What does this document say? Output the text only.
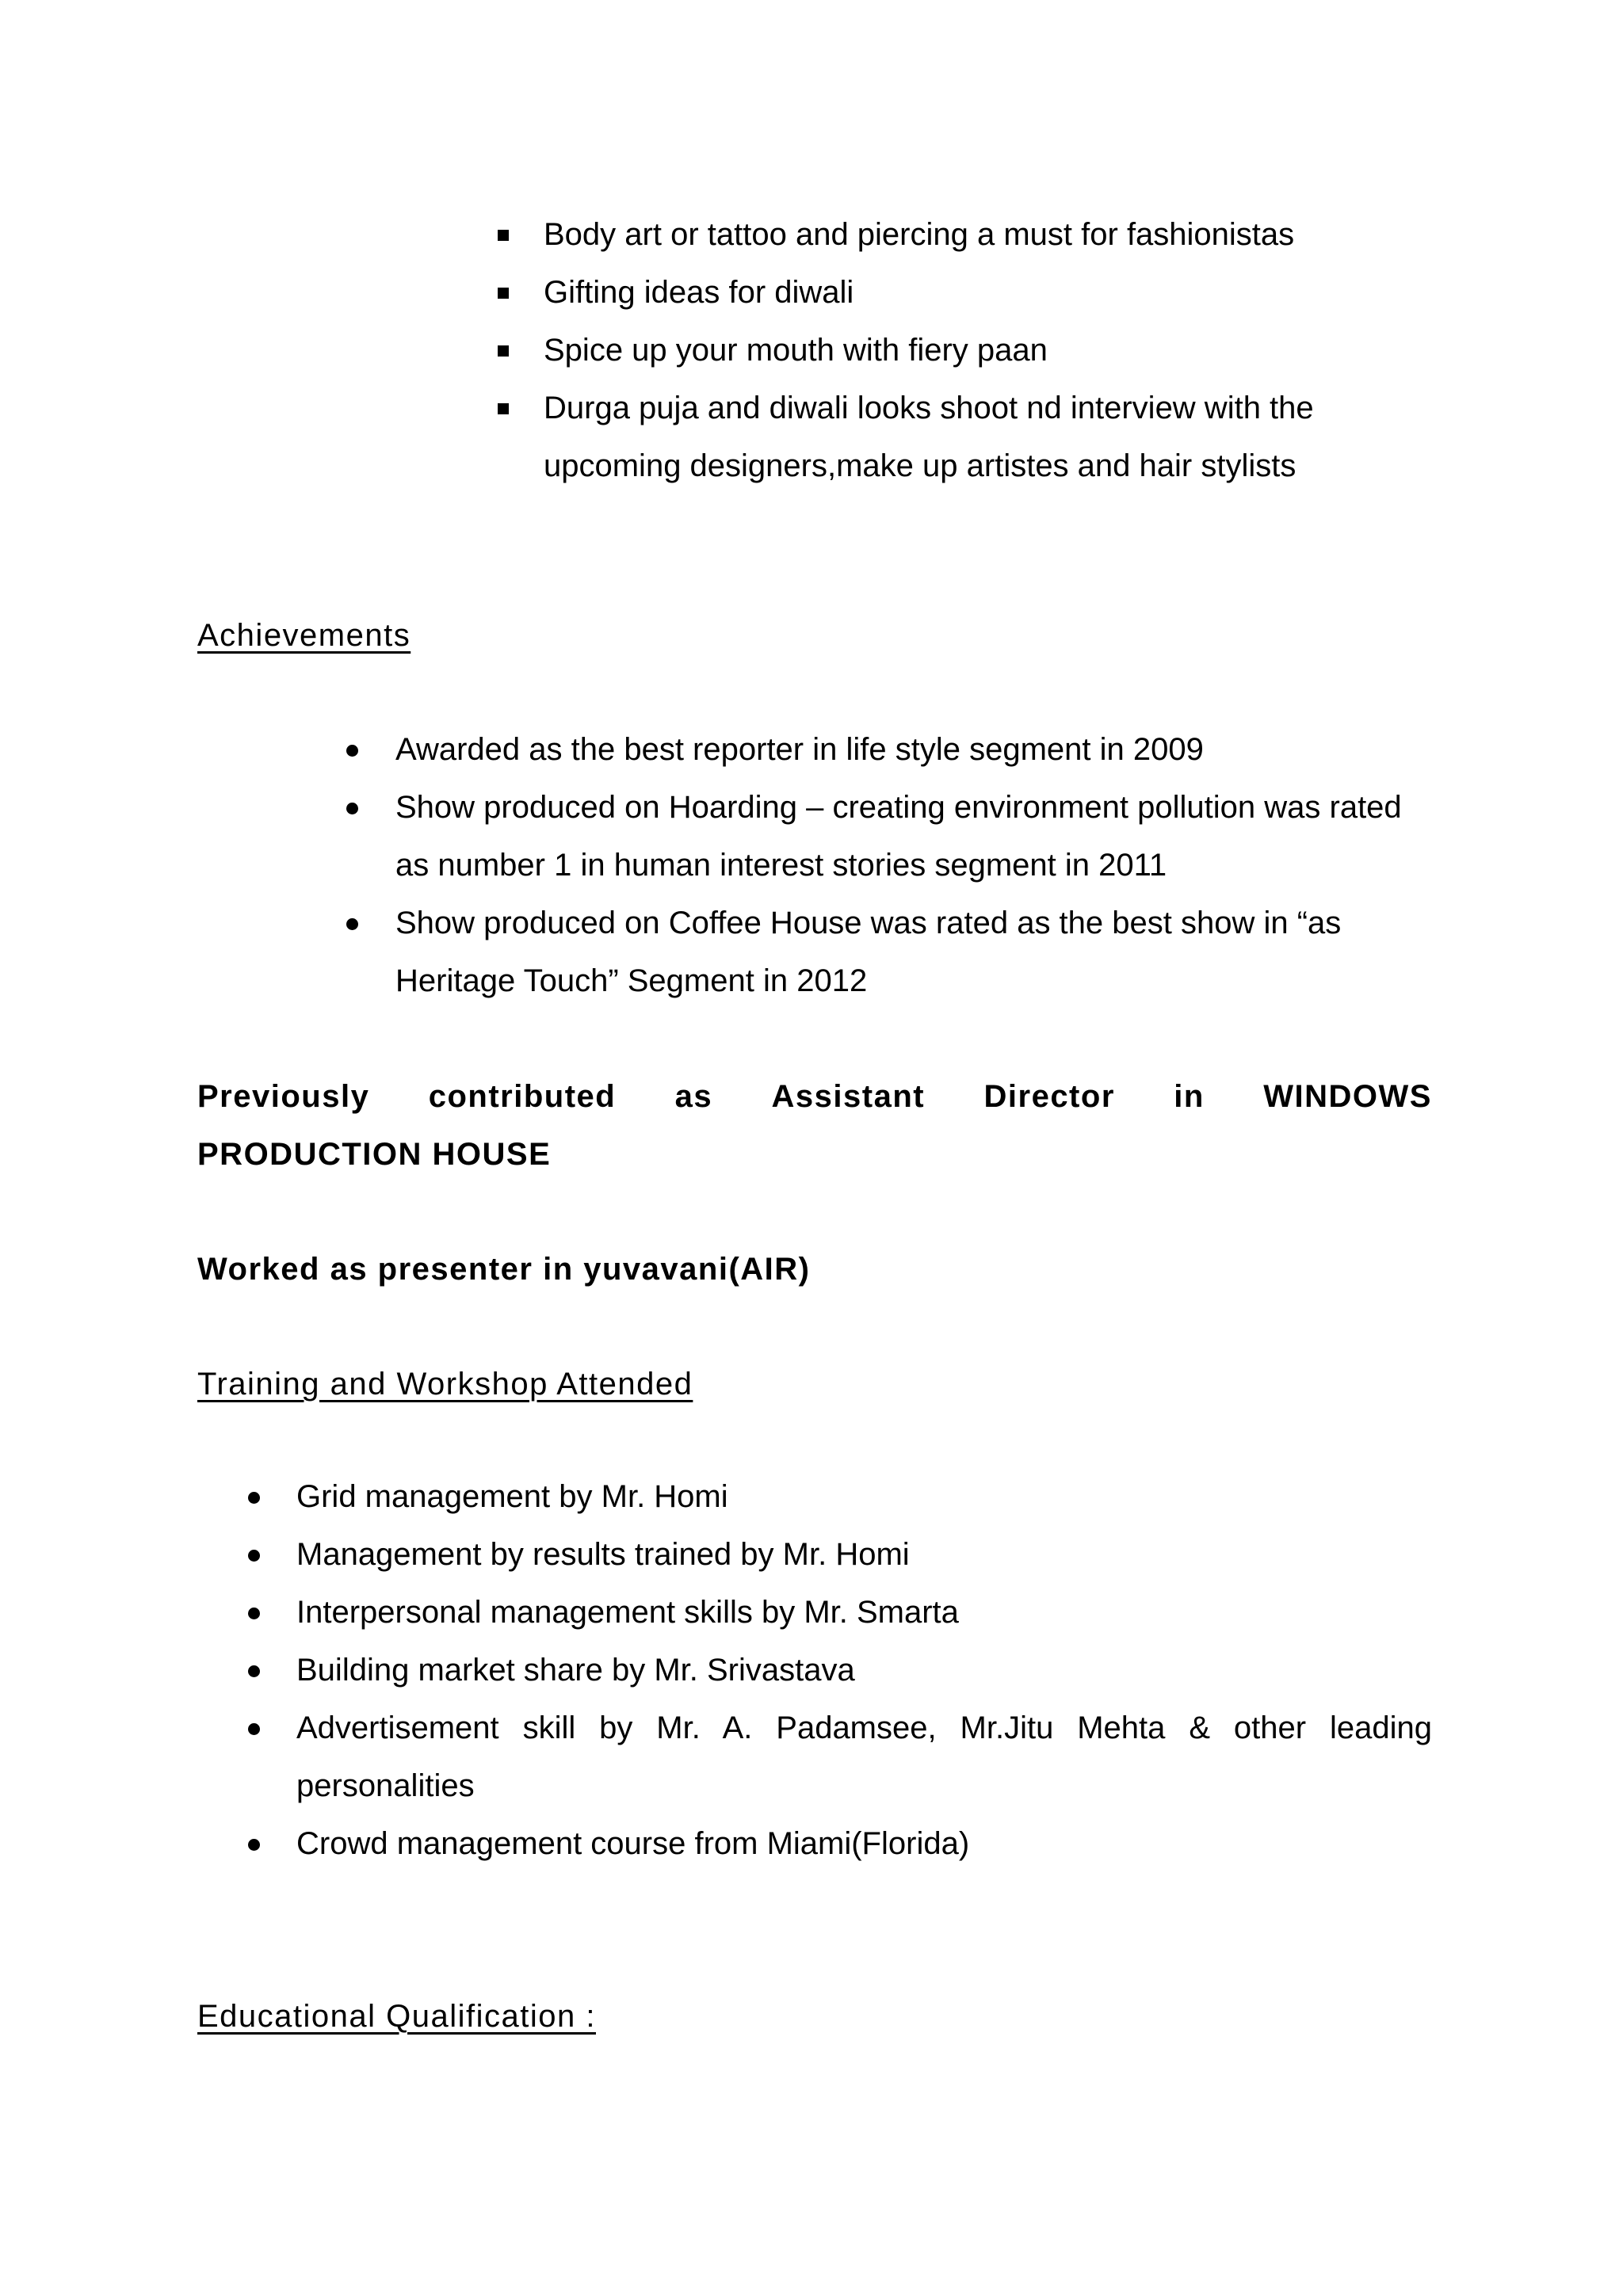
Body art or tattoo and piercing a must for fashionistas
Gifting ideas for diwali
Spice up your mouth with fiery paan
Durga puja and diwali looks shoot nd interview with the upcoming designers,make up artistes and hair stylists
Achievements
Awarded as the best reporter in life style segment in 2009
Show produced on Hoarding – creating environment pollution was rated as number 1 in human interest stories segment in 2011
Show produced on Coffee House was rated as the best show in “as Heritage Touch” Segment in 2012
Previously contributed as Assistant Director in WINDOWS
PRODUCTION HOUSE
Worked as presenter in yuvavani(AIR)
Training and Workshop Attended
Grid management by Mr. Homi
Management by results trained by Mr. Homi
Interpersonal management skills by Mr. Smarta
Building market share by Mr. Srivastava
Advertisement skill by Mr. A. Padamsee, Mr.Jitu Mehta & other leading personalities
Crowd management course from Miami(Florida)
Educational Qualification :
